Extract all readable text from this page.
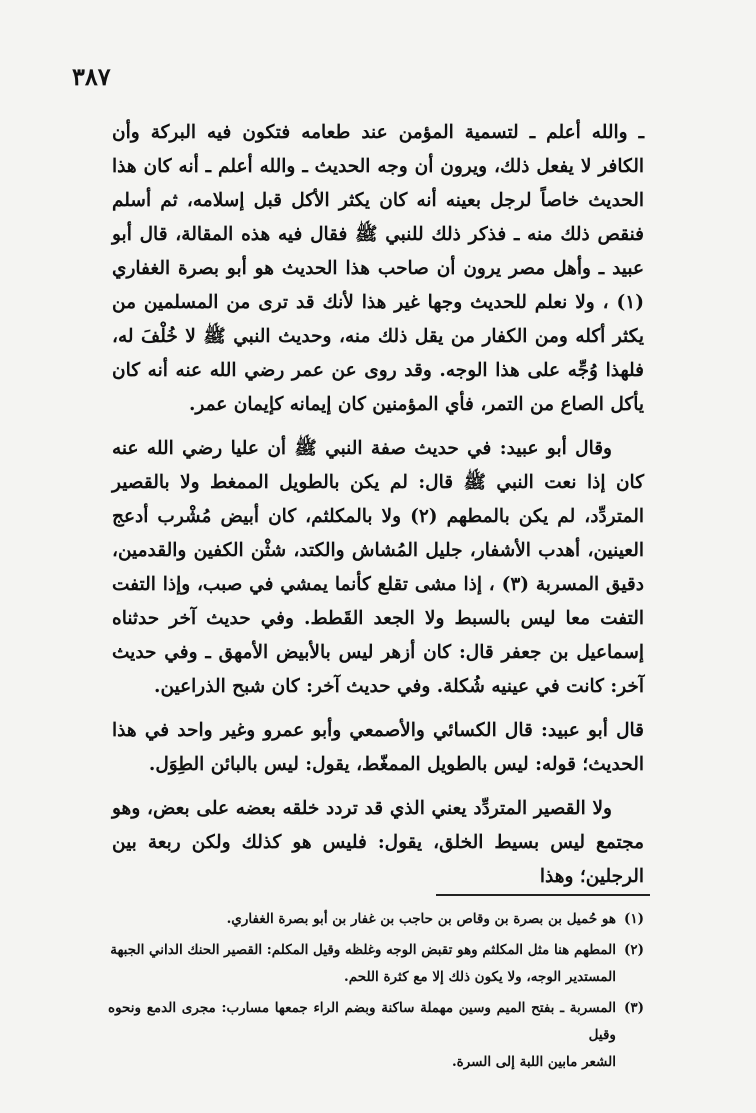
٣٨٧

ـ والله أعلم ـ لتسمية المؤمن عند طعامه فتكون فيه البركة وأن الكافر لا يفعل ذلك، ويرون أن وجه الحديث ـ والله أعلم ـ أنه كان هذا الحديث خاصاً لرجل بعينه أنه كان يكثر الأكل قبل إسلامه، ثم أسلم فنقص ذلك منه ـ فذكر ذلك للنبي ﷺ فقال فيه هذه المقالة، قال أبو عبيد ـ وأهل مصر يرون أن صاحب هذا الحديث هو أبو بصرة الغفاري (١) ، ولا نعلم للحديث وجها غير هذا لأنك قد ترى من المسلمين من يكثر أكله ومن الكفار من يقل ذلك منه، وحديث النبي ﷺ لا خُلْفَ له، فلهذا وُجِّه على هذا الوجه. وقد روى عن عمر رضي الله عنه أنه كان يأكل الصاع من التمر، فأي المؤمنين كان إيمانه كإيمان عمر.

وقال أبو عبيد: في حديث صفة النبي ﷺ أن عليا رضي الله عنه كان إذا نعت النبي ﷺ قال: لم يكن بالطويل الممغط ولا بالقصير المتردِّد، لم يكن بالمطهم (٢) ولا بالمكلثم، كان أبيض مُشْرب أدعج العينين، أهدب الأشفار، جليل المُشاش والكتد، شثْن الكفين والقدمين، دقيق المسربة (٣) ، إذا مشى تقلع كأنما يمشي في صبب، وإذا التفت التفت معا ليس بالسبط ولا الجعد القَطط. وفي حديث آخر حدثناه إسماعيل بن جعفر قال: كان أزهر ليس بالأبيض الأمهق ـ وفي حديث آخر: كانت في عينيه شُكلة. وفي حديث آخر: كان شبح الذراعين.

قال أبو عبيد: قال الكسائي والأصمعي وأبو عمرو وغير واحد في هذا الحديث؛ قوله: ليس بالطويل الممغّط، يقول: ليس بالبائن الطِوَل.

ولا القصير المتردِّد يعني الذي قد تردد خلقه بعضه على بعض، وهو مجتمع ليس بسيط الخلق، يقول: فليس هو كذلك ولكن ربعة بين الرجلين؛ وهذا

(١)
هو حُميل بن بصرة بن وقاص بن حاجب بن غفار بن أبو بصرة الغفاري.
(٢)
المطهم هنا مثل المكلثم وهو تقبض الوجه وغلظه وقيل المكلم: القصير الحنك الداني الجبهة
المستدير الوجه، ولا يكون ذلك إلا مع كثرة اللحم.
(٣)
المسربة ـ بفتح الميم وسين مهملة ساكنة وبضم الراء جمعها مسارب: مجرى الدمع ونحوه وقيل
الشعر مابين اللبة إلى السرة.
